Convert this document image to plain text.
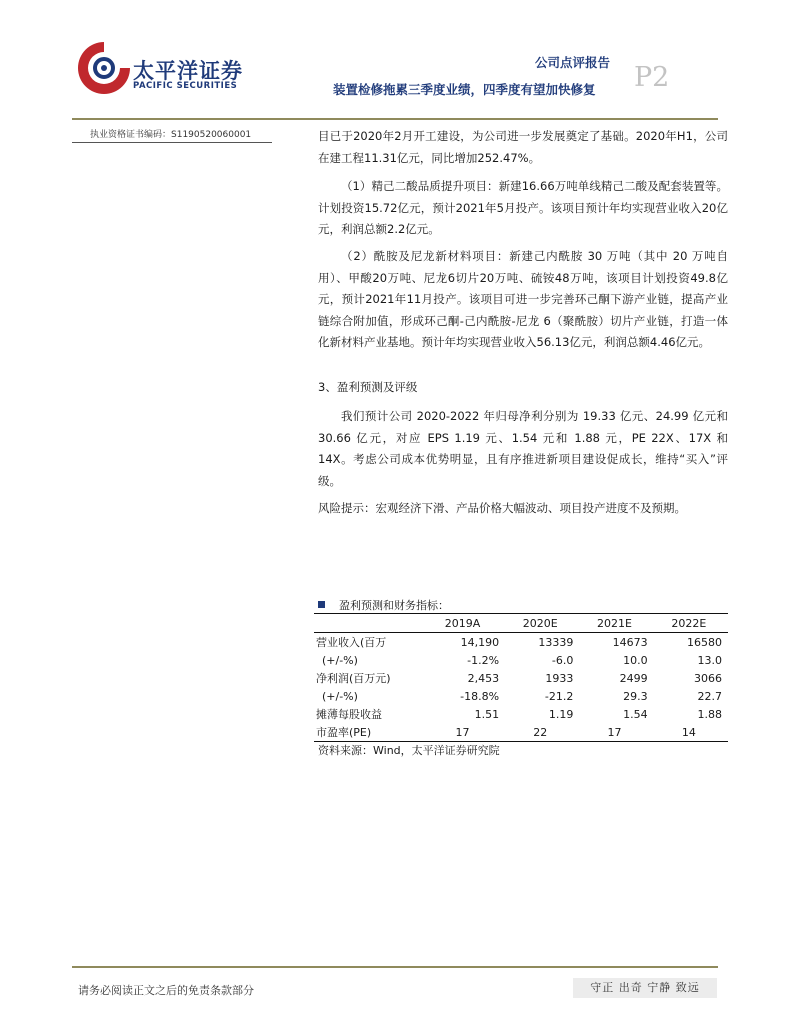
太平洋证券
PACIFIC SECURITIES
公司点评报告 P2
装置检修拖累三季度业绩，四季度有望加快修复
执业资格证书编码：S1190520060001	目已于2020年2月开工建设，为公司进一步发展奠定了基础。2020年H1，公司在建工程11.31亿元，同比增加252.47%。
（1）精己二酸品质提升项目：新建16.66万吨单线精己二酸及配套装置等。计划投资15.72亿元，预计2021年5月投产。该项目预计年均实现营业收入20亿元，利润总额2.2亿元。
（2）酰胺及尼龙新材料项目：新建己内酰胺 30 万吨（其中 20 万吨自用）、甲酸20万吨、尼龙6切片20万吨、硫铵48万吨，该项目计划投资49.8亿元，预计2021年11月投产。该项目可进一步完善环己酮下游产业链，提高产业链综合附加值，形成环己酮-己内酰胺-尼龙 6（聚酰胺）切片产业链，打造一体化新材料产业基地。预计年均实现营业收入56.13亿元，利润总额4.46亿元。
3、盈利预测及评级
我们预计公司 2020-2022 年归母净利分别为 19.33 亿元、24.99 亿元和 30.66 亿元，对应 EPS 1.19 元、1.54 元和 1.88 元，PE 22X、17X 和 14X。考虑公司成本优势明显，且有序推进新项目建设促成长，维持“买入”评级。
风险提示：宏观经济下滑、产品价格大幅波动、项目投产进度不及预期。
盈利预测和财务指标：
	2019A	2020E	2021E	2022E
营业收入(百万	14,190	13339	14673	16580
(+/-%)	-1.2%	-6.0	10.0	13.0
净利润(百万元)	2,453	1933	2499	3066
(+/-%)	-18.8%	-21.2	29.3	22.7
摊薄每股收益	1.51	1.19	1.54	1.88
市盈率(PE)	17	22	17	14
资料来源：Wind，太平洋证券研究院
请务必阅读正文之后的免责条款部分	守正 出奇 宁静 致远
